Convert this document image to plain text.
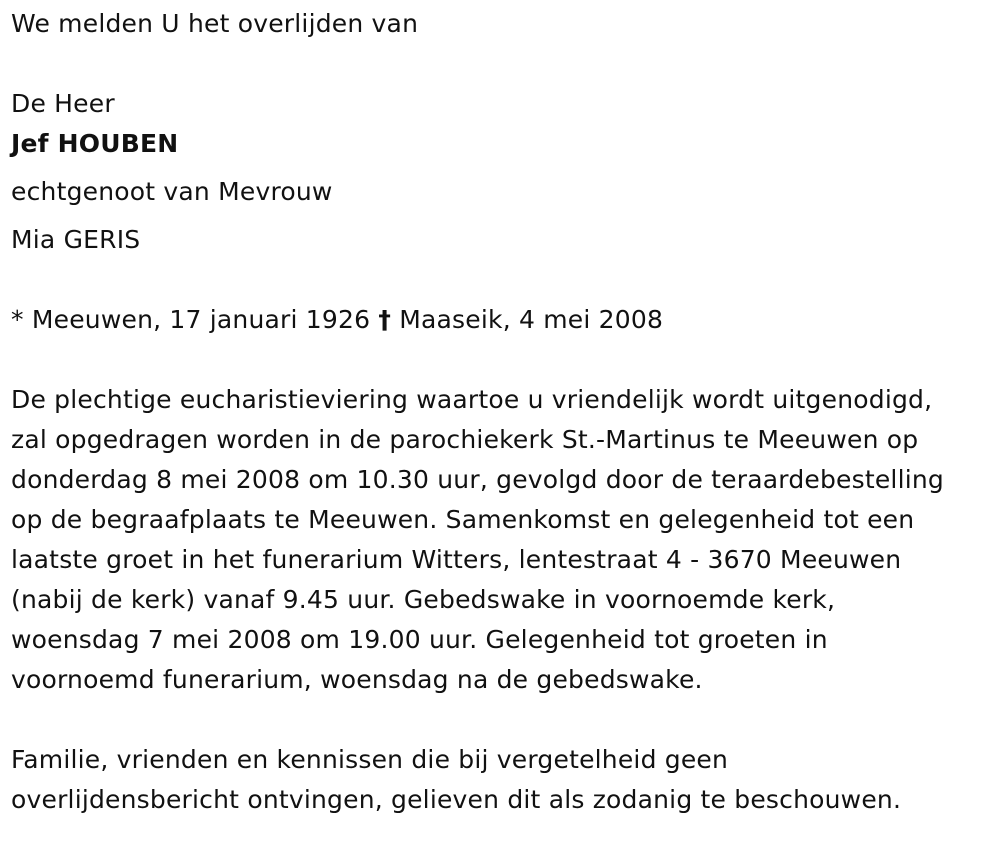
We melden U het overlijden van
De Heer
Jef HOUBEN
echtgenoot van Mevrouw
Mia GERIS
* Meeuwen, 17 januari 1926 † Maaseik, 4 mei 2008
De plechtige eucharistieviering waartoe u vriendelijk wordt uitgenodigd,
zal opgedragen worden in de parochiekerk St.-Martinus te Meeuwen op
donderdag 8 mei 2008 om 10.30 uur, gevolgd door de teraardebestelling
op de begraafplaats te Meeuwen. Samenkomst en gelegenheid tot een
laatste groet in het funerarium Witters, lentestraat 4 - 3670 Meeuwen
(nabij de kerk) vanaf 9.45 uur. Gebedswake in voornoemde kerk,
woensdag 7 mei 2008 om 19.00 uur. Gelegenheid tot groeten in
voornoemd funerarium, woensdag na de gebedswake.
Familie, vrienden en kennissen die bij vergetelheid geen
overlijdensbericht ontvingen, gelieven dit als zodanig te beschouwen.
